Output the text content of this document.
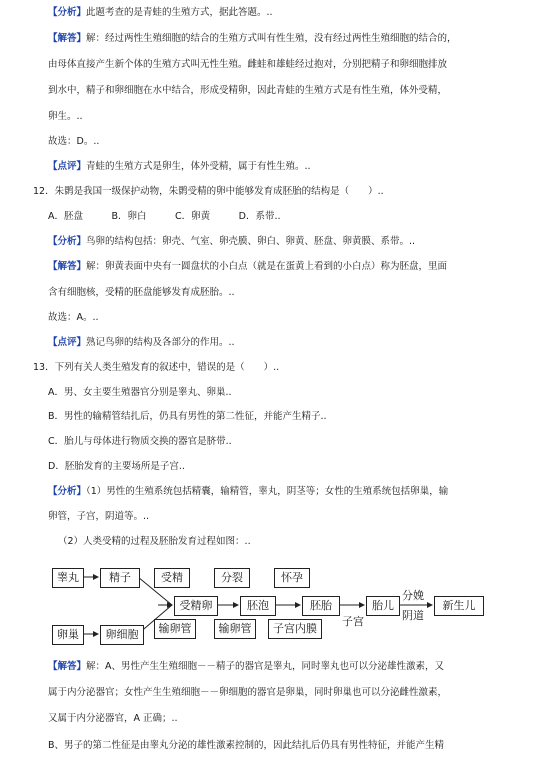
【分析】此题考查的是青蛙的生殖方式，据此答题。..
【解答】解：经过两性生殖细胞的结合的生殖方式叫有性生殖，没有经过两性生殖细胞的结合的，
由母体直接产生新个体的生殖方式叫无性生殖。雌蛙和雄蛙经过抱对，分别把精子和卵细胞排放
到水中，精子和卵细胞在水中结合，形成受精卵，因此青蛙的生殖方式是有性生殖，体外受精，
卵生。..
故选：D。..
【点评】青蛙的生殖方式是卵生，体外受精，属于有性生殖。..
12．朱鹮是我国一级保护动物，朱鹮受精的卵中能够发育成胚胎的结构是（　　）..
A．胚盘　　　B．卵白　　　C．卵黄　　　D．系带..
【分析】鸟卵的结构包括：卵壳、气室、卵壳膜、卵白、卵黄、胚盘、卵黄膜、系带。..
【解答】解：卵黄表面中央有一圆盘状的小白点（就是在蛋黄上看到的小白点）称为胚盘，里面
含有细胞核，受精的胚盘能够发育成胚胎。..
故选：A。..
【点评】熟记鸟卵的结构及各部分的作用。..
13．下列有关人类生殖发育的叙述中，错误的是（　　）..
A．男、女主要生殖器官分别是睾丸、卵巢..
B．男性的输精管结扎后，仍具有男性的第二性征，并能产生精子..
C．胎儿与母体进行物质交换的器官是脐带..
D．胚胎发育的主要场所是子宫..
【分析】（1）男性的生殖系统包括精囊，输精管，睾丸，阴茎等；女性的生殖系统包括卵巢，输
卵管，子宫，阴道等。..
（2）人类受精的过程及胚胎发育过程如图：..
睾丸	精子	受精	分裂	怀孕
受精卵	胚泡	胚胎	胎儿	新生儿
卵巢	卵细胞	输卵管	输卵管	子宫内膜
子宫
分娩
阴道
【解答】解：A、男性产生生殖细胞－－精子的器官是睾丸，同时睾丸也可以分泌雄性激素，又
属于内分泌器官；女性产生生殖细胞－－卵细胞的器官是卵巢，同时卵巢也可以分泌雌性激素，
又属于内分泌器官，A 正确；..
B、男子的第二性征是由睾丸分泌的雄性激素控制的，因此结扎后仍具有男性特征，并能产生精
